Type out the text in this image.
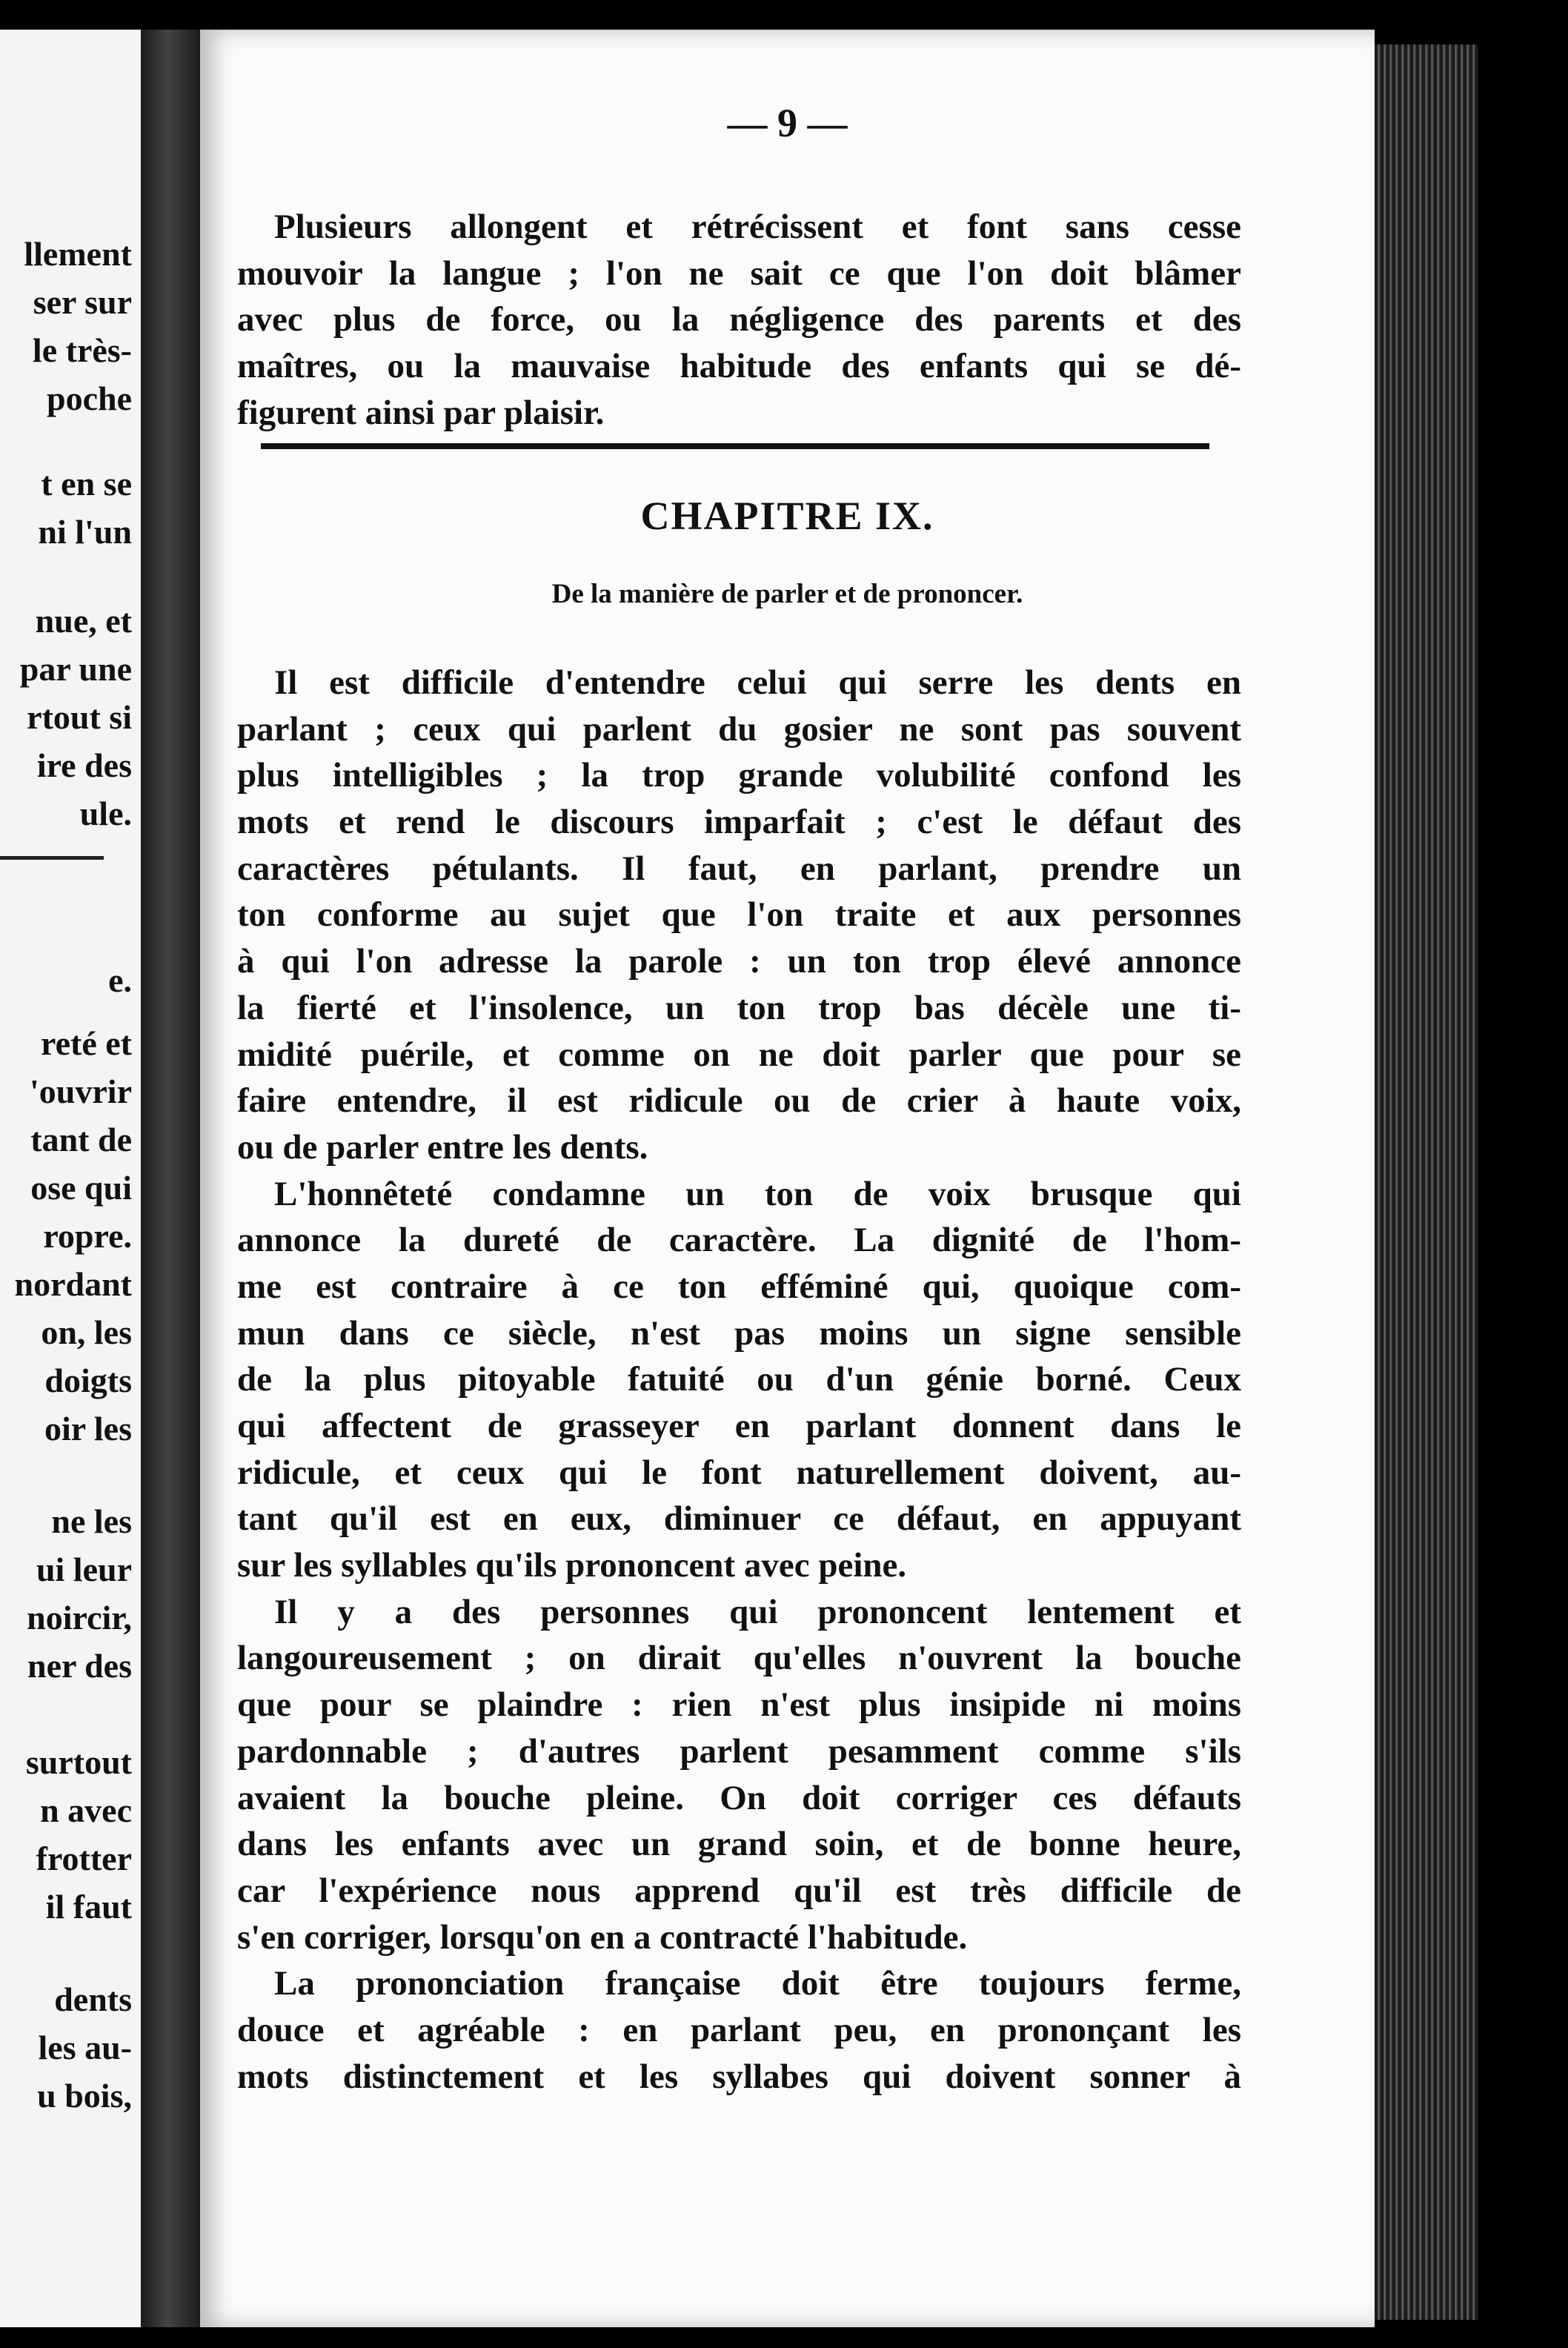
llement
ser sur
le très-
poche
t en se
ni l'un
nue, et
par une
rtout si
ire des
ule.
e.
reté et
'ouvrir
tant de
ose qui
ropre.
nordant
on, les
doigts
oir les
ne les
ui leur
noircir,
ner des
surtout
n avec
frotter
il faut
dents
les au-
u bois,
— 9 —
Plusieurs allongent et rétrécissent et font sans cesse
mouvoir la langue ; l'on ne sait ce que l'on doit blâmer
avec plus de force, ou la négligence des parents et des
maîtres, ou la mauvaise habitude des enfants qui se dé-
figurent ainsi par plaisir.
CHAPITRE IX.
De la manière de parler et de prononcer.
Il est difficile d'entendre celui qui serre les dents en
parlant ; ceux qui parlent du gosier ne sont pas souvent
plus intelligibles ; la trop grande volubilité confond les
mots et rend le discours imparfait ; c'est le défaut des
caractères pétulants. Il faut, en parlant, prendre un
ton conforme au sujet que l'on traite et aux personnes
à qui l'on adresse la parole : un ton trop élevé annonce
la fierté et l'insolence, un ton trop bas décèle une ti-
midité puérile, et comme on ne doit parler que pour se
faire entendre, il est ridicule ou de crier à haute voix,
ou de parler entre les dents.
L'honnêteté condamne un ton de voix brusque qui
annonce la dureté de caractère. La dignité de l'hom-
me est contraire à ce ton efféminé qui, quoique com-
mun dans ce siècle, n'est pas moins un signe sensible
de la plus pitoyable fatuité ou d'un génie borné. Ceux
qui affectent de grasseyer en parlant donnent dans le
ridicule, et ceux qui le font naturellement doivent, au-
tant qu'il est en eux, diminuer ce défaut, en appuyant
sur les syllables qu'ils prononcent avec peine.
Il y a des personnes qui prononcent lentement et
langoureusement ; on dirait qu'elles n'ouvrent la bouche
que pour se plaindre : rien n'est plus insipide ni moins
pardonnable ; d'autres parlent pesamment comme s'ils
avaient la bouche pleine. On doit corriger ces défauts
dans les enfants avec un grand soin, et de bonne heure,
car l'expérience nous apprend qu'il est très difficile de
s'en corriger, lorsqu'on en a contracté l'habitude.
La prononciation française doit être toujours ferme,
douce et agréable : en parlant peu, en prononçant les
mots distinctement et les syllabes qui doivent sonner à
